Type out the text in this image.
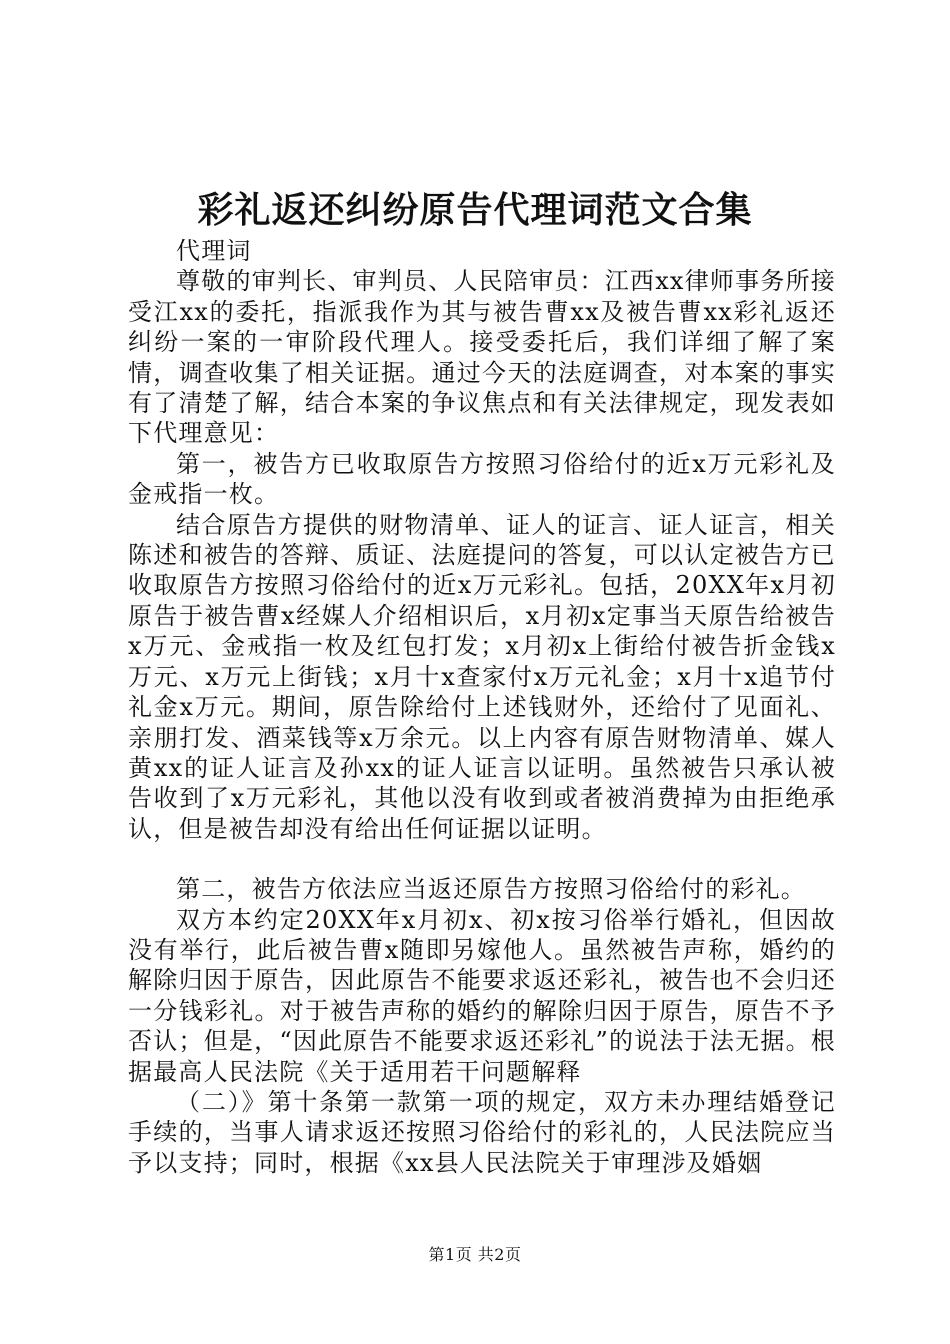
彩礼返还纠纷原告代理词范文合集

代理词

尊敬的审判长、审判员、人民陪审员：江西xx律师事务所接受江xx的委托，指派我作为其与被告曹xx及被告曹xx彩礼返还纠纷一案的一审阶段代理人。接受委托后，我们详细了解了案情，调查收集了相关证据。通过今天的法庭调查，对本案的事实有了清楚了解，结合本案的争议焦点和有关法律规定，现发表如下代理意见：

第一，被告方已收取原告方按照习俗给付的近x万元彩礼及金戒指一枚。

结合原告方提供的财物清单、证人的证言、证人证言，相关陈述和被告的答辩、质证、法庭提问的答复，可以认定被告方已收取原告方按照习俗给付的近x万元彩礼。包括，20XX年x月初原告于被告曹x经媒人介绍相识后，x月初x定事当天原告给被告x万元、金戒指一枚及红包打发；x月初x上街给付被告折金钱x万元、x万元上街钱；x月十x查家付x万元礼金；x月十x追节付礼金x万元。期间，原告除给付上述钱财外，还给付了见面礼、亲朋打发、酒菜钱等x万余元。以上内容有原告财物清单、媒人黄xx的证人证言及孙xx的证人证言以证明。虽然被告只承认被告收到了x万元彩礼，其他以没有收到或者被消费掉为由拒绝承认，但是被告却没有给出任何证据以证明。

第二，被告方依法应当返还原告方按照习俗给付的彩礼。

双方本约定20XX年x月初x、初x按习俗举行婚礼，但因故没有举行，此后被告曹x随即另嫁他人。虽然被告声称，婚约的解除归因于原告，因此原告不能要求返还彩礼，被告也不会归还一分钱彩礼。对于被告声称的婚约的解除归因于原告，原告不予否认；但是，“因此原告不能要求返还彩礼”的说法于法无据。根据最高人民法院《关于适用若干问题解释

（二）》第十条第一款第一项的规定，双方未办理结婚登记手续的，当事人请求返还按照习俗给付的彩礼的，人民法院应当予以支持；同时，根据《xx县人民法院关于审理涉及婚姻

第1页 共2页
